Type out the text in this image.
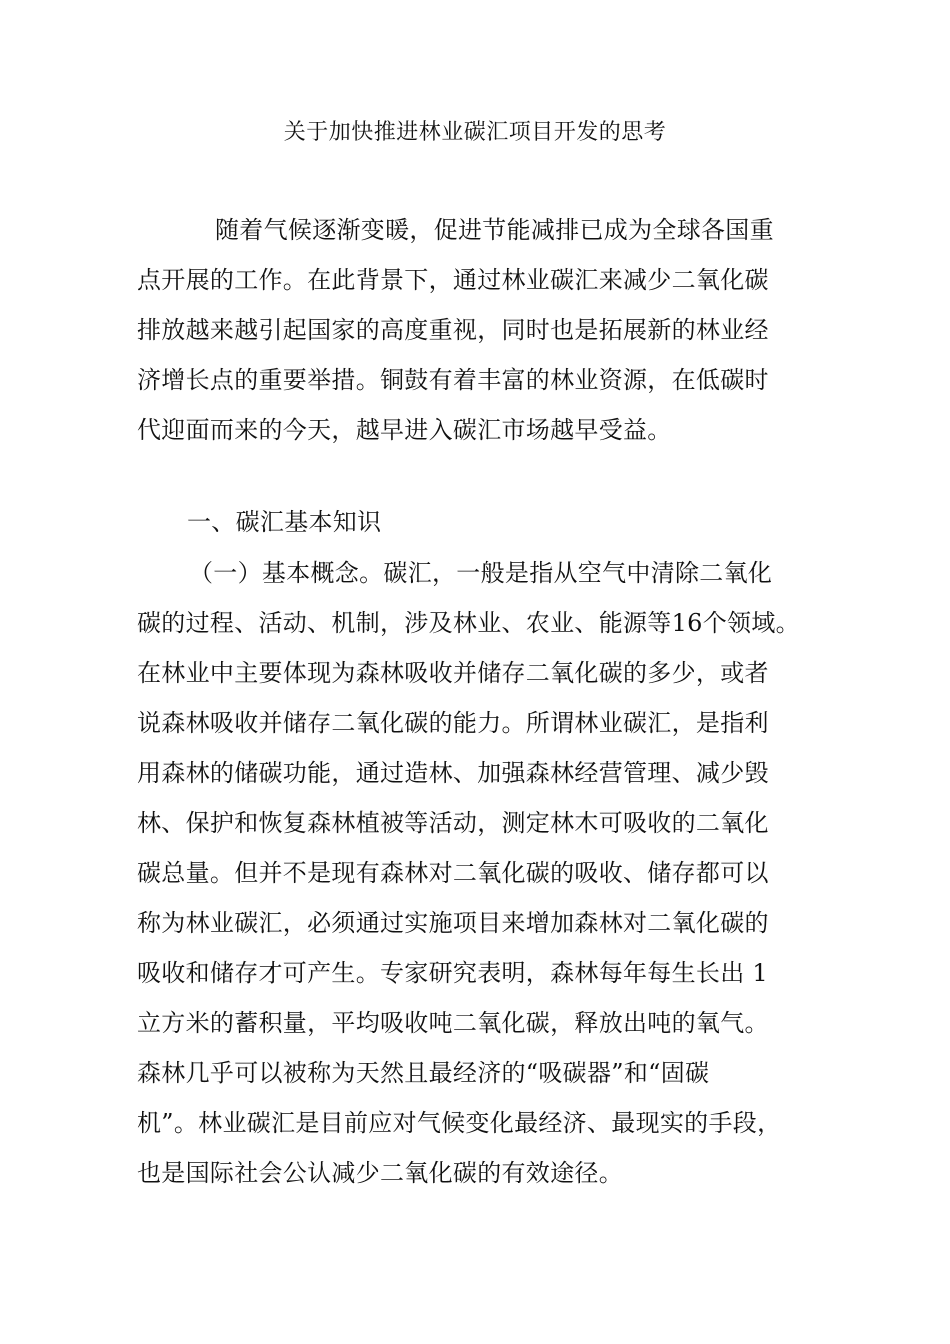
关于加快推进林业碳汇项目开发的思考
随着气候逐渐变暖，促进节能减排已成为全球各国重
点开展的工作。在此背景下，通过林业碳汇来减少二氧化碳
排放越来越引起国家的高度重视，同时也是拓展新的林业经
济增长点的重要举措。铜鼓有着丰富的林业资源，在低碳时
代迎面而来的今天，越早进入碳汇市场越早受益。
一、碳汇基本知识
（一）基本概念。碳汇，一般是指从空气中清除二氧化
碳的过程、活动、机制，涉及林业、农业、能源等16个领域。
在林业中主要体现为森林吸收并储存二氧化碳的多少，或者
说森林吸收并储存二氧化碳的能力。所谓林业碳汇，是指利
用森林的储碳功能，通过造林、加强森林经营管理、减少毁
林、保护和恢复森林植被等活动，测定林木可吸收的二氧化
碳总量。但并不是现有森林对二氧化碳的吸收、储存都可以
称为林业碳汇，必须通过实施项目来增加森林对二氧化碳的
吸收和储存才可产生。专家研究表明，森林每年每生长出 1
立方米的蓄积量，平均吸收吨二氧化碳，释放出吨的氧气。
森林几乎可以被称为天然且最经济的“吸碳器”和“固碳
机”。林业碳汇是目前应对气候变化最经济、最现实的手段，
也是国际社会公认减少二氧化碳的有效途径。
